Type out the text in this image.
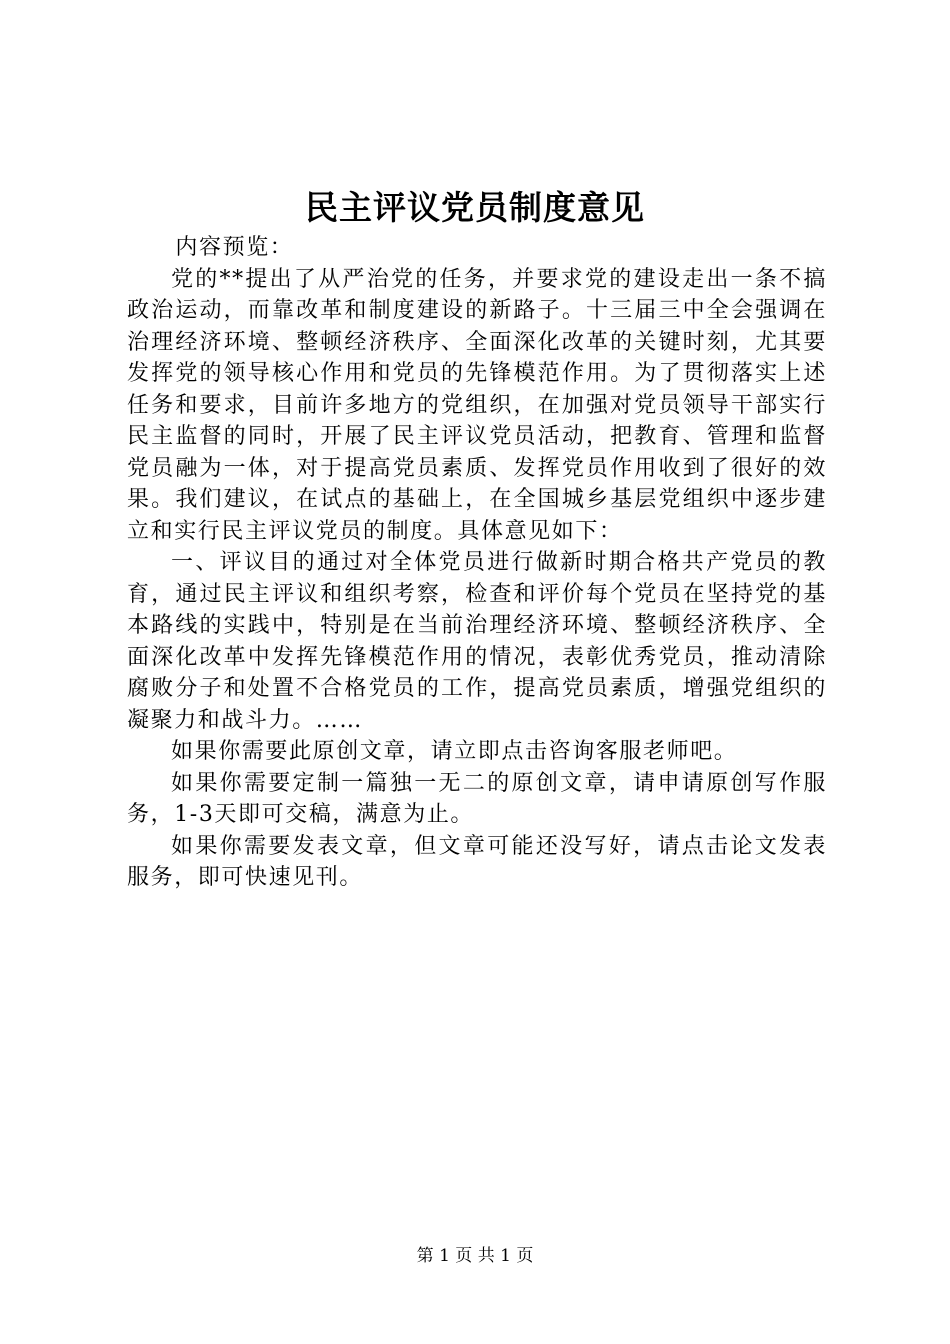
民主评议党员制度意见

内容预览：

党的**提出了从严治党的任务，并要求党的建设走出一条不搞政治运动，而靠改革和制度建设的新路子。十三届三中全会强调在治理经济环境、整顿经济秩序、全面深化改革的关键时刻，尤其要发挥党的领导核心作用和党员的先锋模范作用。为了贯彻落实上述任务和要求，目前许多地方的党组织，在加强对党员领导干部实行民主监督的同时，开展了民主评议党员活动，把教育、管理和监督党员融为一体，对于提高党员素质、发挥党员作用收到了很好的效果。我们建议，在试点的基础上，在全国城乡基层党组织中逐步建立和实行民主评议党员的制度。具体意见如下：

一、评议目的通过对全体党员进行做新时期合格共产党员的教育，通过民主评议和组织考察，检查和评价每个党员在坚持党的基本路线的实践中，特别是在当前治理经济环境、整顿经济秩序、全面深化改革中发挥先锋模范作用的情况，表彰优秀党员，推动清除腐败分子和处置不合格党员的工作，提高党员素质，增强党组织的凝聚力和战斗力。……

如果你需要此原创文章，请立即点击咨询客服老师吧。

如果你需要定制一篇独一无二的原创文章，请申请原创写作服务，1-3天即可交稿，满意为止。

如果你需要发表文章，但文章可能还没写好，请点击论文发表服务，即可快速见刊。

第 1 页 共 1 页
